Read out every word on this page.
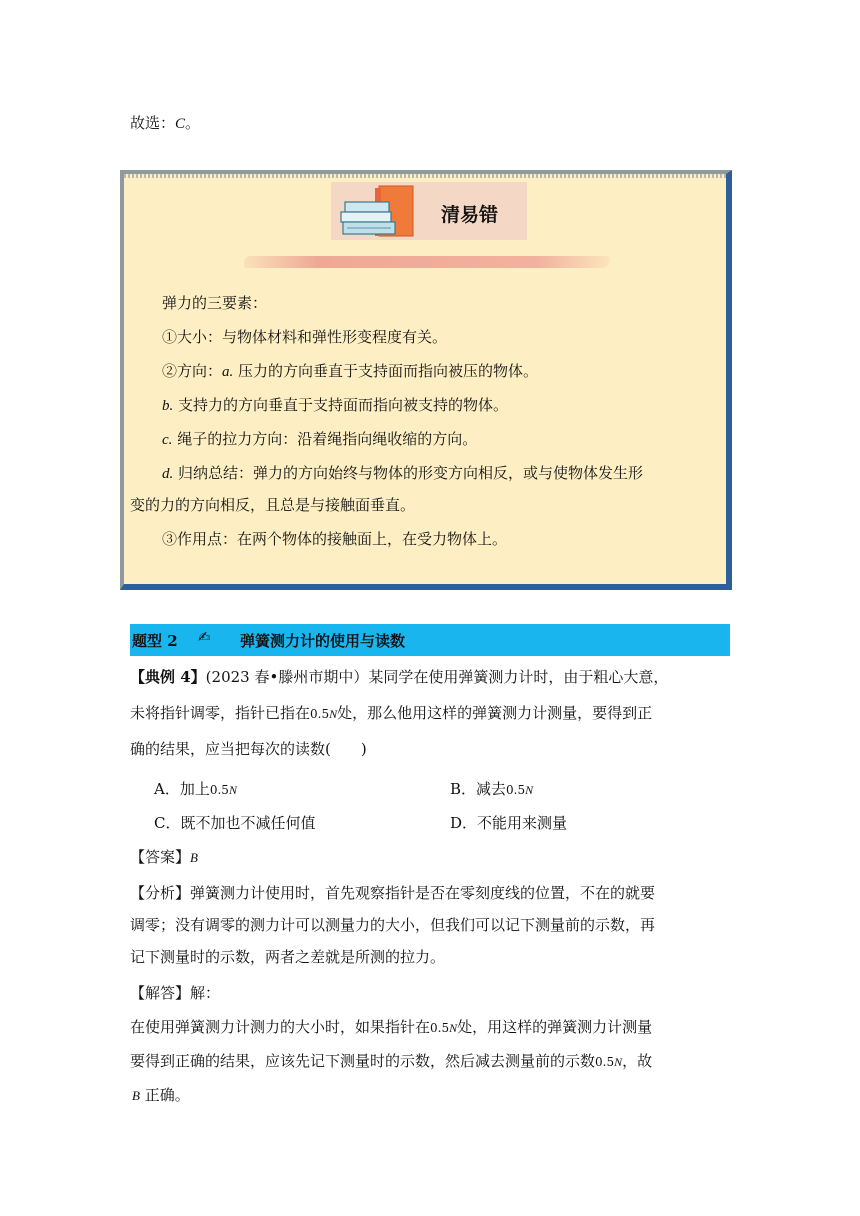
故选：C。
清易错
弹力的三要素：
①大小：与物体材料和弹性形变程度有关。
②方向：a. 压力的方向垂直于支持面而指向被压的物体。
b. 支持力的方向垂直于支持面而指向被支持的物体。
c. 绳子的拉力方向：沿着绳指向绳收缩的方向。
d. 归纳总结：弹力的方向始终与物体的形变方向相反，或与使物体发生形
变的力的方向相反，且总是与接触面垂直。
③作用点：在两个物体的接触面上，在受力物体上。
题型 2 ✍ 弹簧测力计的使用与读数
【典例 4】(2023 春•滕州市期中）某同学在使用弹簧测力计时，由于粗心大意，
未将指针调零，指针已指在0.5N处，那么他用这样的弹簧测力计测量，要得到正
确的结果，应当把每次的读数(　　)
A．加上0.5N	B．减去0.5N
C．既不加也不减任何值	D．不能用来测量
【答案】B
【分析】弹簧测力计使用时，首先观察指针是否在零刻度线的位置，不在的就要
调零；没有调零的测力计可以测量力的大小，但我们可以记下测量前的示数，再
记下测量时的示数，两者之差就是所测的拉力。
【解答】解：
在使用弹簧测力计测力的大小时，如果指针在0.5N处，用这样的弹簧测力计测量
要得到正确的结果，应该先记下测量时的示数，然后减去测量前的示数0.5N，故
B 正确。
